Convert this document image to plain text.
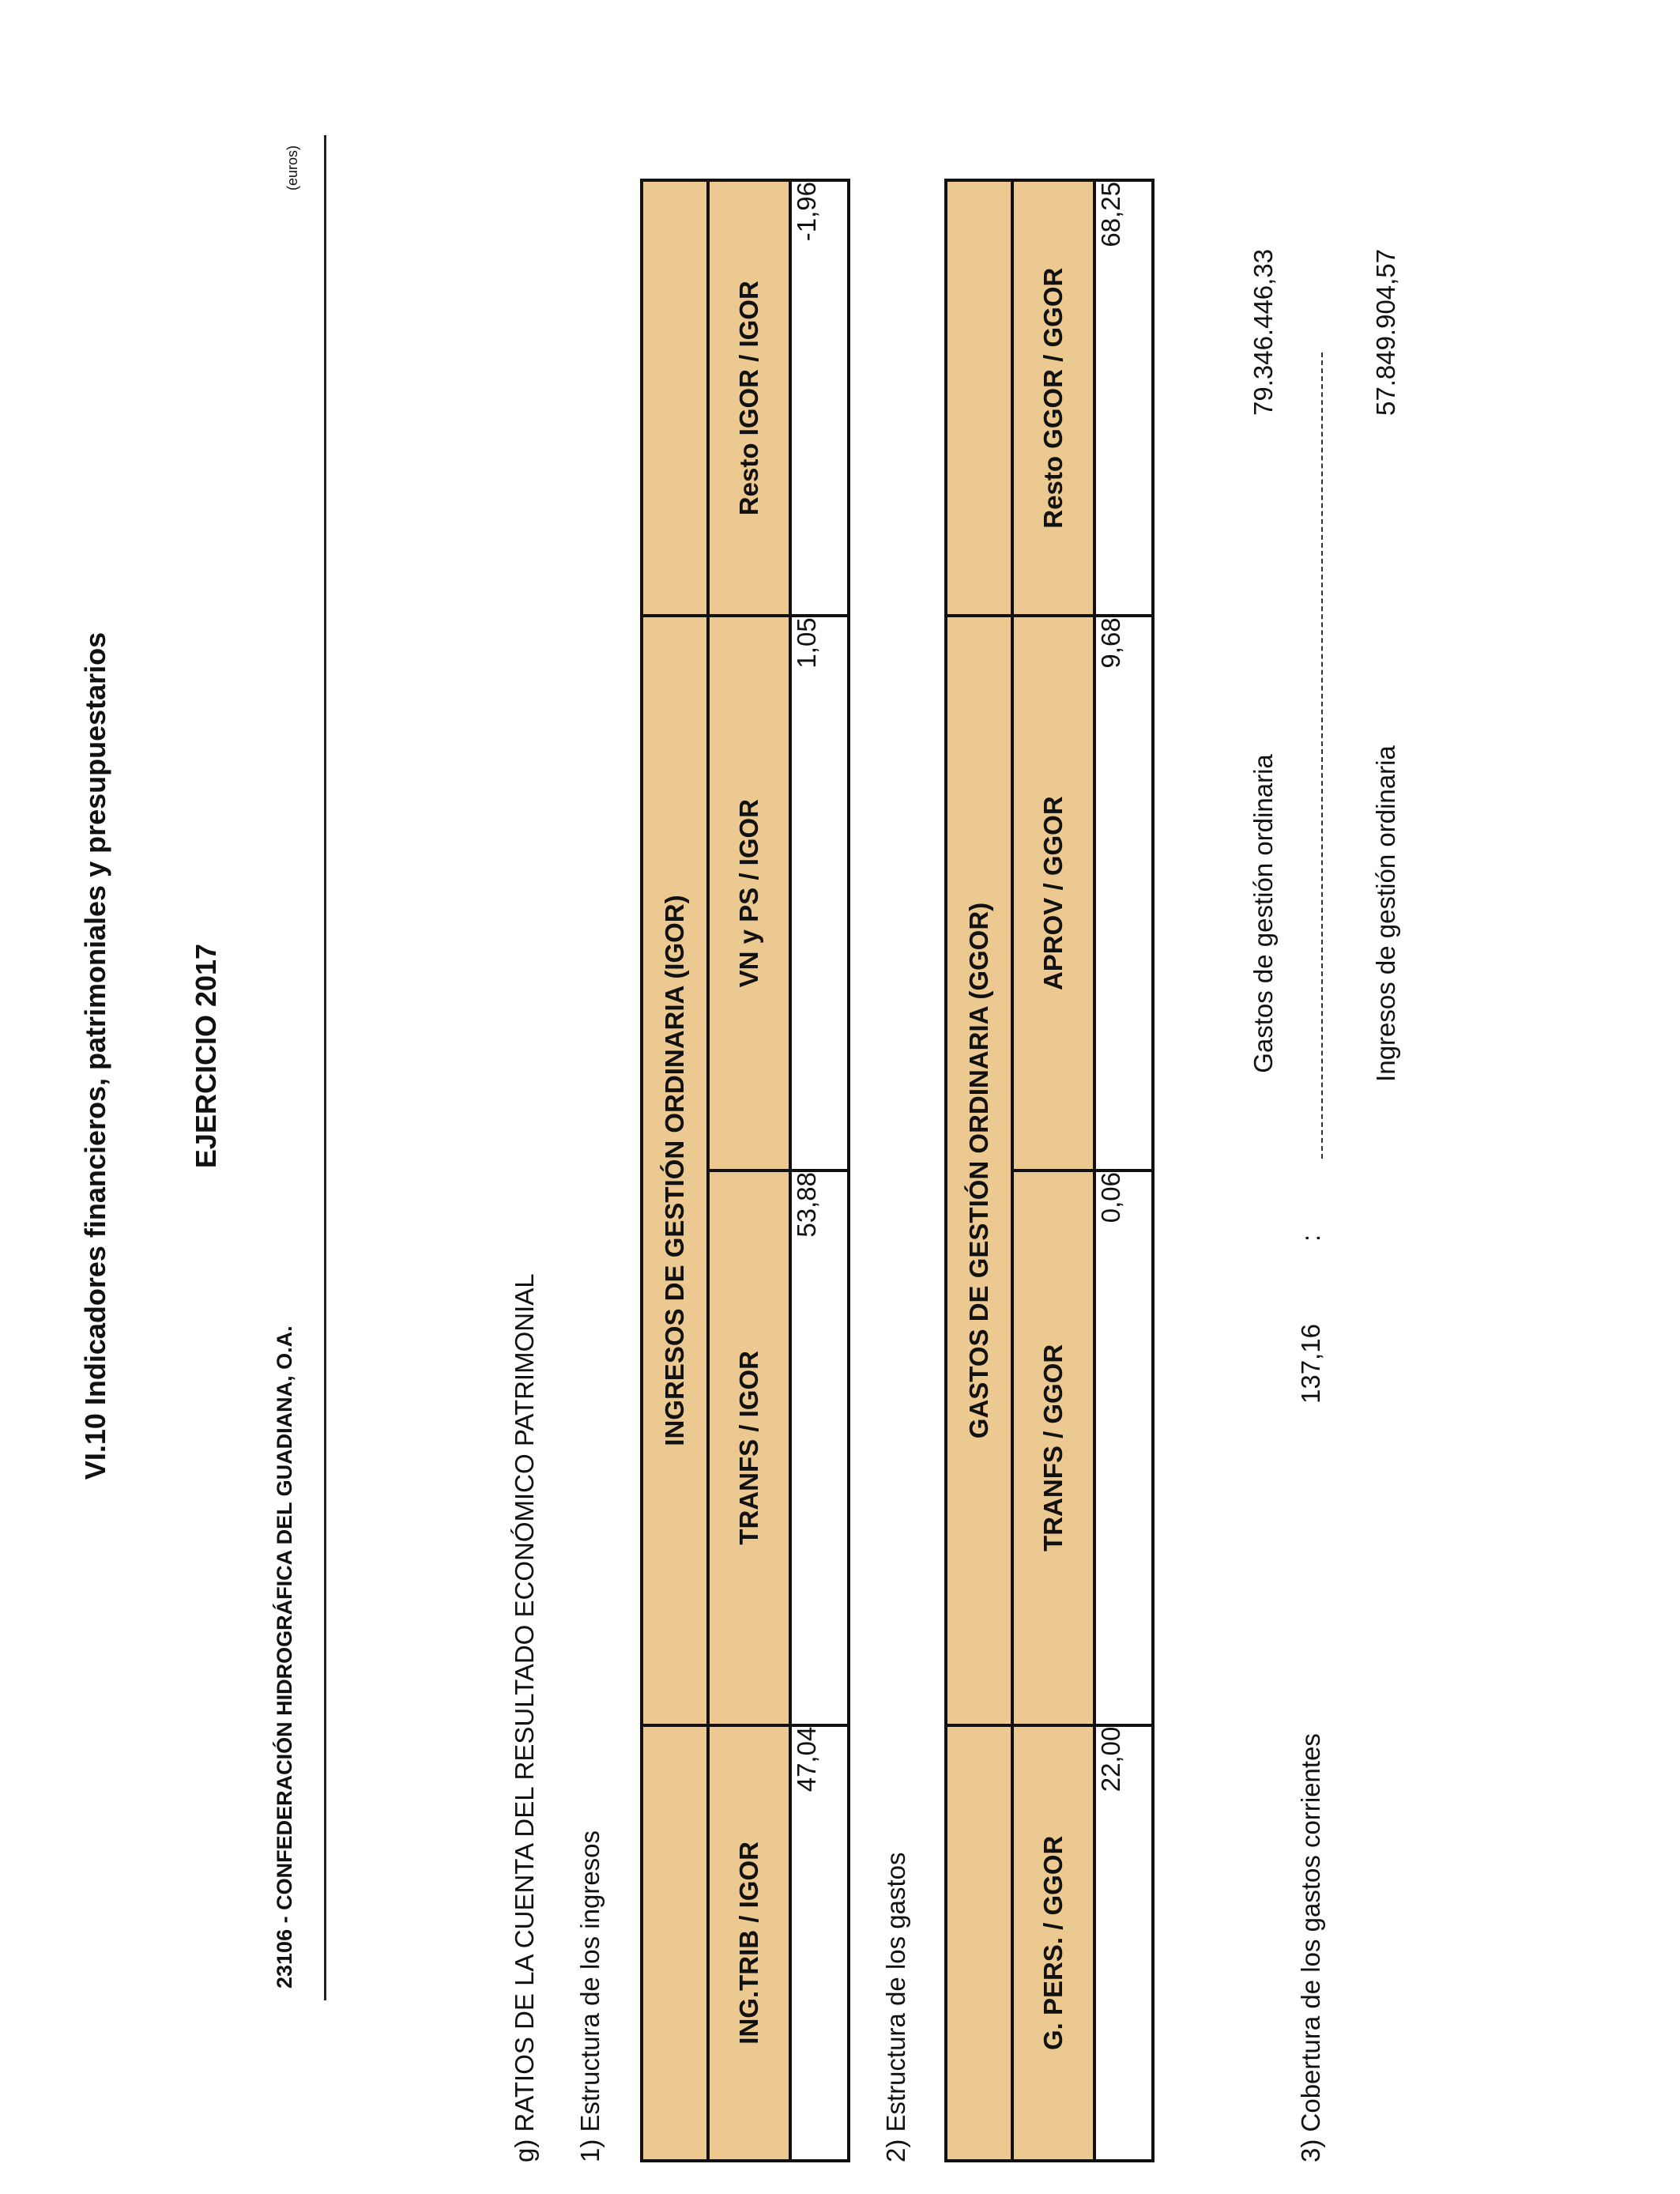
VI.10 Indicadores financieros, patrimoniales y presupuestarios	EJERCICIO 2017
23106 - CONFEDERACIÓN HIDROGRÁFICA DEL GUADIANA, O.A.
(euros)
g) RATIOS DE LA CUENTA DEL RESULTADO ECONÓMICO PATRIMONIAL 1) Estructura de los ingresos
	INGRESOS DE GESTIÓN ORDINARIA (IGOR)		
ING.TRIB / IGOR	TRANFS / IGOR	VN y PS / IGOR	Resto IGOR / IGOR
47,04	53,88	1,05	-1,96
2) Estructura de los gastos
	GASTOS DE GESTIÓN ORDINARIA (GGOR)		
G. PERS. / GGOR	TRANFS / GGOR	APROV / GGOR	Resto GGOR / GGOR
22,00	0,06	9,68	68,25
3) Cobertura de los gastos corrientes
137,16
:
Gastos de gestión ordinaria	Ingresos de gestión ordinaria
79.346.446,33	57.849.904,57
